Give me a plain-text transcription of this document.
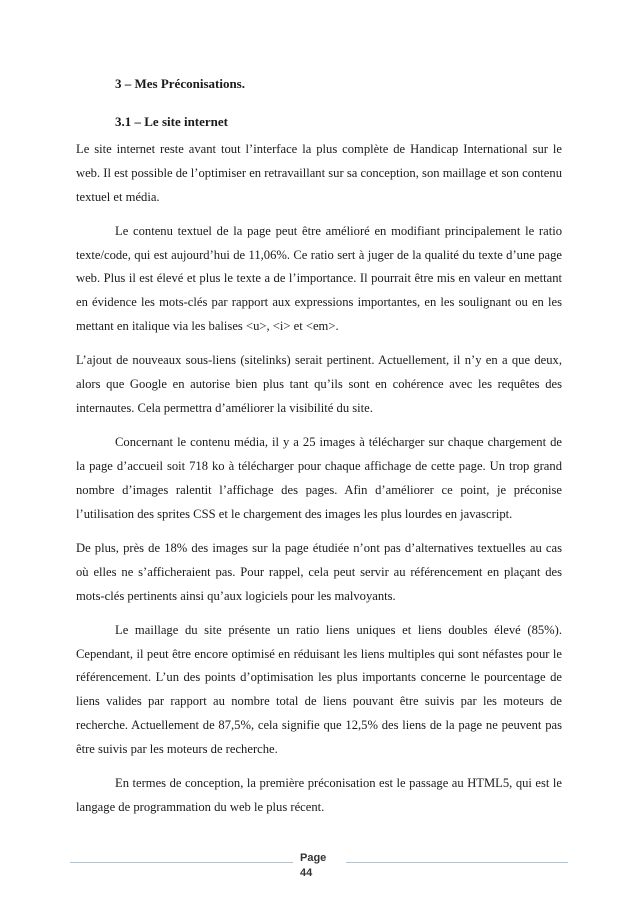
3 – Mes Préconisations.
3.1 – Le site internet

Le site internet reste avant tout l’interface la plus complète de Handicap International sur le web. Il est possible de l’optimiser en retravaillant sur sa conception, son maillage et son contenu textuel et média.

Le contenu textuel de la page peut être amélioré en modifiant principalement le ratio texte/code, qui est aujourd’hui de 11,06%. Ce ratio sert à juger de la qualité du texte d’une page web. Plus il est élevé et plus le texte a de l’importance. Il pourrait être mis en valeur en mettant en évidence les mots-clés par rapport aux expressions importantes, en les soulignant ou en les mettant en italique via les balises <u>, <i> et <em>.

L’ajout de nouveaux sous-liens (sitelinks) serait pertinent. Actuellement, il n’y en a que deux, alors que Google en autorise bien plus tant qu’ils sont en cohérence avec les requêtes des internautes. Cela permettra d’améliorer la visibilité du site.

Concernant le contenu média, il y a 25 images à télécharger sur chaque chargement de la page d’accueil soit 718 ko à télécharger pour chaque affichage de cette page. Un trop grand nombre d’images ralentit l’affichage des pages. Afin d’améliorer ce point, je préconise l’utilisation des sprites CSS et le chargement des images les plus lourdes en javascript.

De plus, près de 18% des images sur la page étudiée n’ont pas d’alternatives textuelles au cas où elles ne s’afficheraient pas. Pour rappel, cela peut servir au référencement en plaçant des mots-clés pertinents ainsi qu’aux logiciels pour les malvoyants.

Le maillage du site présente un ratio liens uniques et liens doubles élevé (85%). Cependant, il peut être encore optimisé en réduisant les liens multiples qui sont néfastes pour le référencement. L’un des points d’optimisation les plus importants concerne le pourcentage de liens valides par rapport au nombre total de liens pouvant être suivis par les moteurs de recherche. Actuellement de 87,5%, cela signifie que 12,5% des liens de la page ne peuvent pas être suivis par les moteurs de recherche.

En termes de conception, la première préconisation est le passage au HTML5, qui est le langage de programmation du web le plus récent.

Page
44
